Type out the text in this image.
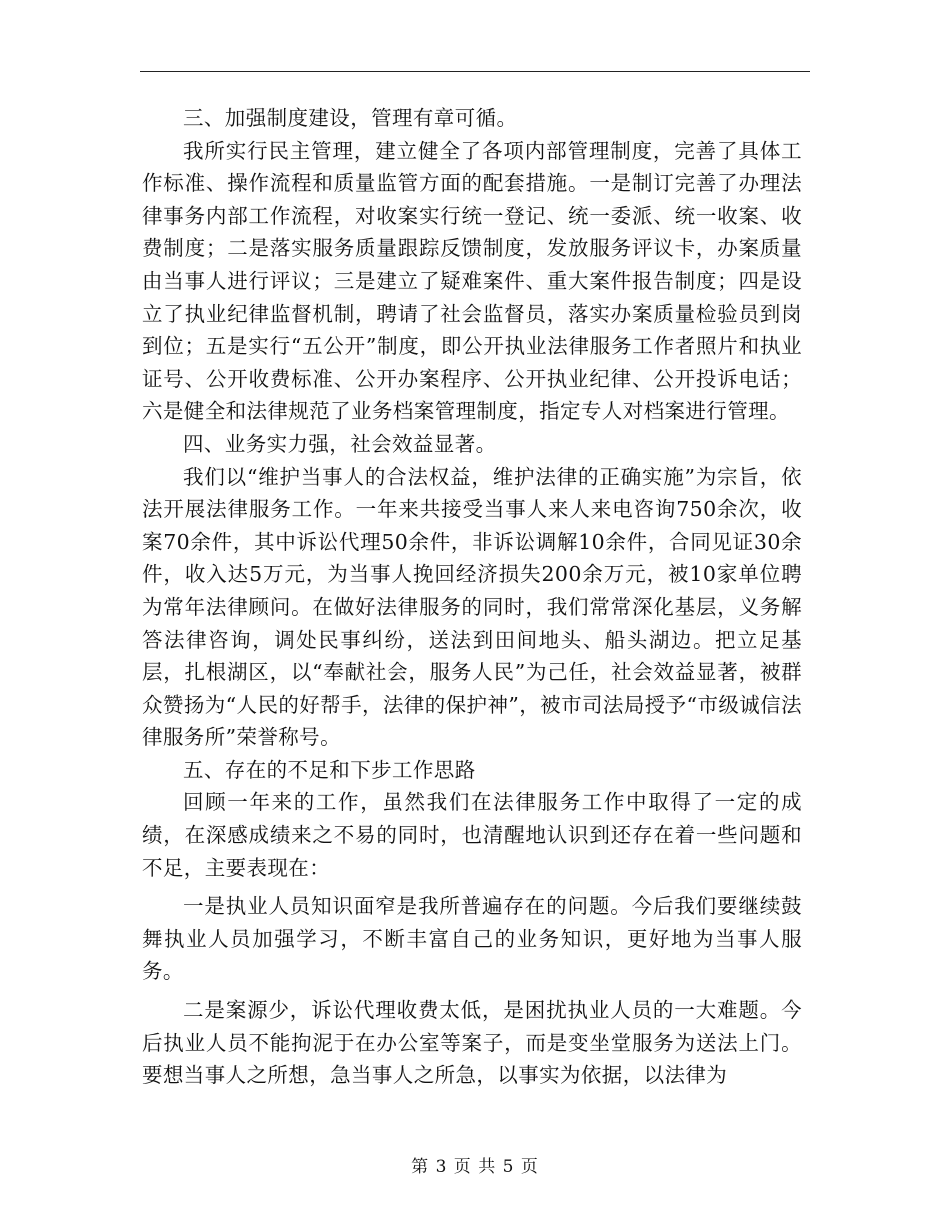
三、加强制度建设，管理有章可循。

我所实行民主管理，建立健全了各项内部管理制度，完善了具体工作标准、操作流程和质量监管方面的配套措施。一是制订完善了办理法律事务内部工作流程，对收案实行统一登记、统一委派、统一收案、收费制度；二是落实服务质量跟踪反馈制度，发放服务评议卡，办案质量由当事人进行评议；三是建立了疑难案件、重大案件报告制度；四是设立了执业纪律监督机制，聘请了社会监督员，落实办案质量检验员到岗到位；五是实行“五公开”制度，即公开执业法律服务工作者照片和执业证号、公开收费标准、公开办案程序、公开执业纪律、公开投诉电话；六是健全和法律规范了业务档案管理制度，指定专人对档案进行管理。

四、业务实力强，社会效益显著。

我们以“维护当事人的合法权益，维护法律的正确实施”为宗旨，依法开展法律服务工作。一年来共接受当事人来人来电咨询750余次，收案70余件，其中诉讼代理50余件，非诉讼调解10余件，合同见证30余件，收入达5万元，为当事人挽回经济损失200余万元，被10家单位聘为常年法律顾问。在做好法律服务的同时，我们常常深化基层，义务解答法律咨询，调处民事纠纷，送法到田间地头、船头湖边。把立足基层，扎根湖区，以“奉献社会，服务人民”为己任，社会效益显著，被群众赞扬为“人民的好帮手，法律的保护神”，被市司法局授予“市级诚信法律服务所”荣誉称号。

五、存在的不足和下步工作思路

回顾一年来的工作，虽然我们在法律服务工作中取得了一定的成绩，在深感成绩来之不易的同时，也清醒地认识到还存在着一些问题和不足，主要表现在：

一是执业人员知识面窄是我所普遍存在的问题。今后我们要继续鼓舞执业人员加强学习，不断丰富自己的业务知识，更好地为当事人服务。

二是案源少，诉讼代理收费太低，是困扰执业人员的一大难题。今后执业人员不能拘泥于在办公室等案子，而是变坐堂服务为送法上门。要想当事人之所想，急当事人之所急，以事实为依据，以法律为

第 3 页 共 5 页
